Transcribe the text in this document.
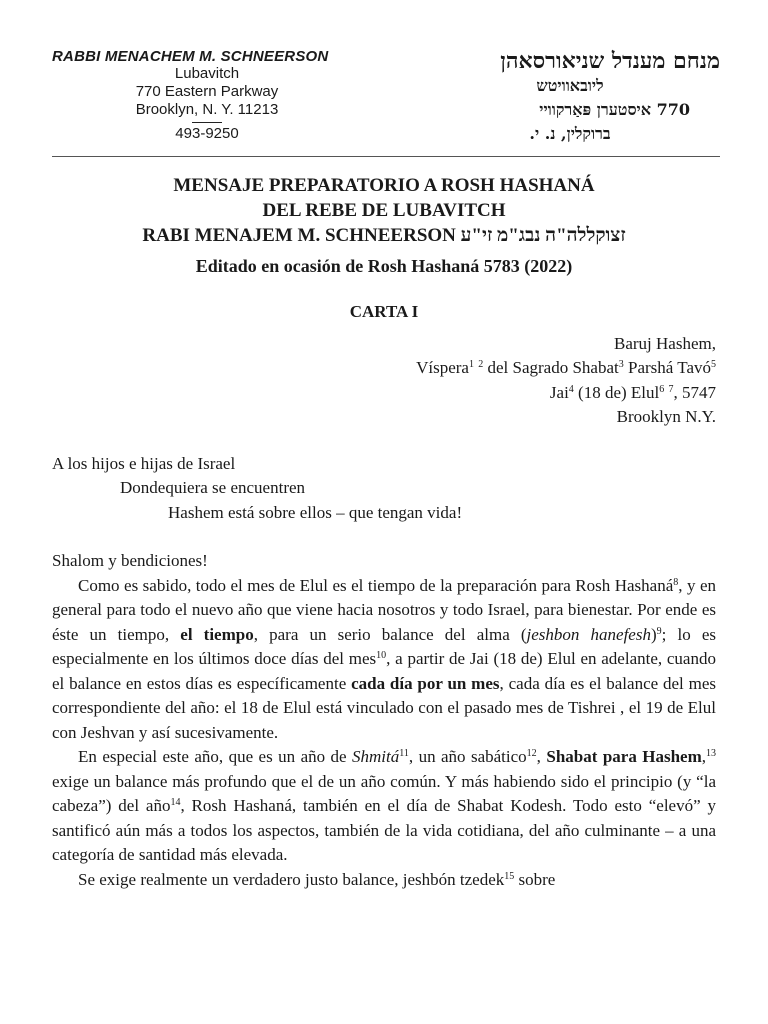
RABBI MENACHEM M. SCHNEERSON
Lubavitch
770 Eastern Parkway
Brooklyn, N. Y. 11213
493-9250
מנחם מענדל שניאורסאהן
ליובאוויטש
770 איסטערן פּאַרקוויי
ברוקלין, נ. י.
MENSAJE PREPARATORIO A ROSH HASHANÁ
DEL REBE DE LUBAVITCH
RABI MENAJEM M. SCHNEERSON זצוקללה"ה נבג"מ זי"ע
Editado en ocasión de Rosh Hashaná 5783 (2022)
CARTA I
Baruj Hashem,
Víspera$^1$ $^2$ del Sagrado Shabat$^3$ Parshá Tavó$^5$
Jai$^4$ (18 de) Elul$^6$ $^7$, 5747
Brooklyn N.Y.
A los hijos e hijas de Israel
Dondequiera se encuentren
Hashem está sobre ellos – que tengan vida!

Shalom y bendiciones!

Como es sabido, todo el mes de Elul es el tiempo de la preparación para Rosh Hashaná$^8$, y en general para todo el nuevo año que viene hacia nosotros y todo Israel, para bienestar. Por ende es éste un tiempo, el tiempo, para un serio balance del alma (jeshbon hanefesh)$^9$; lo es especialmente en los últimos doce días del mes$^{10}$, a partir de Jai (18 de) Elul en adelante, cuando el balance en estos días es específicamente cada día por un mes, cada día es el balance del mes correspondiente del año: el 18 de Elul está vinculado con el pasado mes de Tishrei , el 19 de Elul con Jeshvan y así sucesivamente.

En especial este año, que es un año de Shmitá$^{11}$, un año sabático$^{12}$, Shabat para Hashem,$^{13}$ exige un balance más profundo que el de un año común. Y más habiendo sido el principio (y “la cabeza”) del año$^{14}$, Rosh Hashaná, también en el día de Shabat Kodesh. Todo esto “elevó” y santificó aún más a todos los aspectos, también de la vida cotidiana, del año culminante – a una categoría de santidad más elevada.

Se exige realmente un verdadero justo balance, jeshbón tzedek$^{15}$ sobre
